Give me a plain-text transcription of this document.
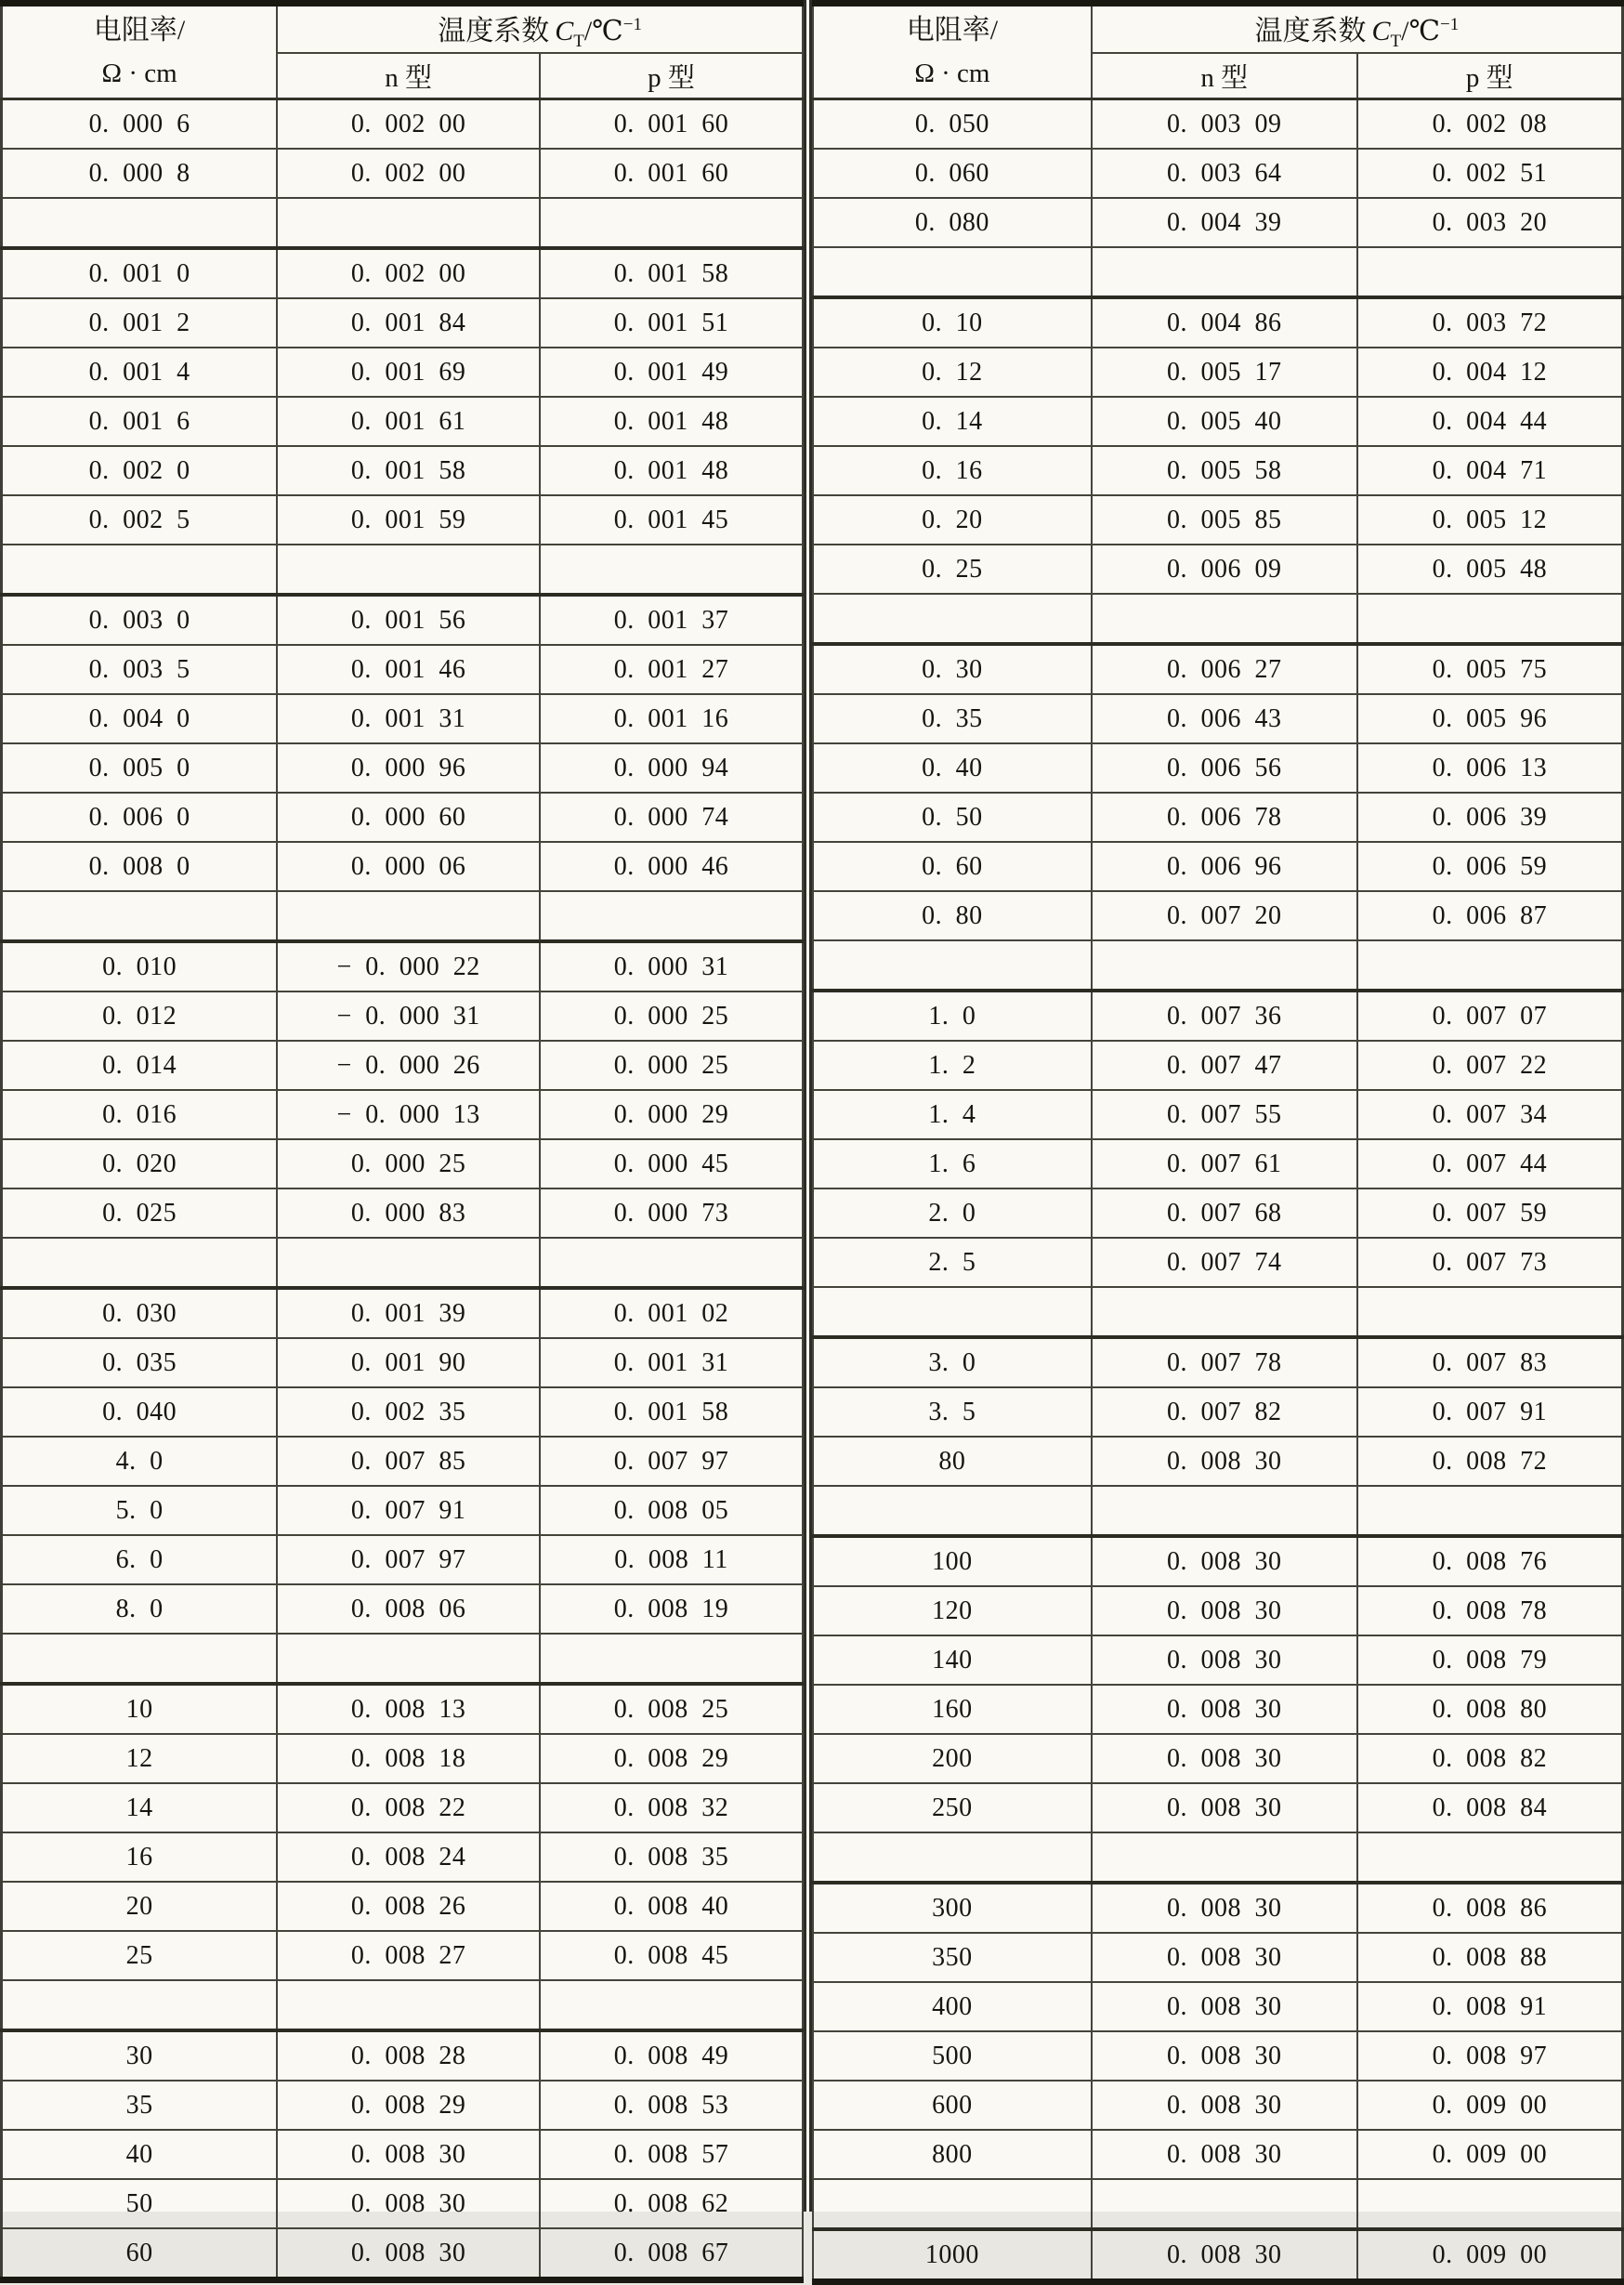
电阻率/
Ω · cm	温度系数 $C_T/℃^{-1}$
	n 型	p 型
0. 000 6	0. 002 00	0. 001 60
0. 000 8	0. 002 00	0. 001 60

0. 001 0	0. 002 00	0. 001 58
0. 001 2	0. 001 84	0. 001 51
0. 001 4	0. 001 69	0. 001 49
0. 001 6	0. 001 61	0. 001 48
0. 002 0	0. 001 58	0. 001 48
0. 002 5	0. 001 59	0. 001 45

0. 003 0	0. 001 56	0. 001 37
0. 003 5	0. 001 46	0. 001 27
0. 004 0	0. 001 31	0. 001 16
0. 005 0	0. 000 96	0. 000 94
0. 006 0	0. 000 60	0. 000 74
0. 008 0	0. 000 06	0. 000 46

0. 010	− 0. 000 22	0. 000 31
0. 012	− 0. 000 31	0. 000 25
0. 014	− 0. 000 26	0. 000 25
0. 016	− 0. 000 13	0. 000 29
0. 020	0. 000 25	0. 000 45
0. 025	0. 000 83	0. 000 73

0. 030	0. 001 39	0. 001 02
0. 035	0. 001 90	0. 001 31
0. 040	0. 002 35	0. 001 58
4. 0	0. 007 85	0. 007 97
5. 0	0. 007 91	0. 008 05
6. 0	0. 007 97	0. 008 11
8. 0	0. 008 06	0. 008 19

10	0. 008 13	0. 008 25
12	0. 008 18	0. 008 29
14	0. 008 22	0. 008 32
16	0. 008 24	0. 008 35
20	0. 008 26	0. 008 40
25	0. 008 27	0. 008 45

30	0. 008 28	0. 008 49
35	0. 008 29	0. 008 53
40	0. 008 30	0. 008 57
50	0. 008 30	0. 008 62
60	0. 008 30	0. 008 67
电阻率/
Ω · cm	温度系数 $C_T/℃^{-1}$
	n 型	p 型
0. 050	0. 003 09	0. 002 08
0. 060	0. 003 64	0. 002 51
0. 080	0. 004 39	0. 003 20

0. 10	0. 004 86	0. 003 72
0. 12	0. 005 17	0. 004 12
0. 14	0. 005 40	0. 004 44
0. 16	0. 005 58	0. 004 71
0. 20	0. 005 85	0. 005 12
0. 25	0. 006 09	0. 005 48

0. 30	0. 006 27	0. 005 75
0. 35	0. 006 43	0. 005 96
0. 40	0. 006 56	0. 006 13
0. 50	0. 006 78	0. 006 39
0. 60	0. 006 96	0. 006 59
0. 80	0. 007 20	0. 006 87

1. 0	0. 007 36	0. 007 07
1. 2	0. 007 47	0. 007 22
1. 4	0. 007 55	0. 007 34
1. 6	0. 007 61	0. 007 44
2. 0	0. 007 68	0. 007 59
2. 5	0. 007 74	0. 007 73

3. 0	0. 007 78	0. 007 83
3. 5	0. 007 82	0. 007 91
80	0. 008 30	0. 008 72

100	0. 008 30	0. 008 76
120	0. 008 30	0. 008 78
140	0. 008 30	0. 008 79
160	0. 008 30	0. 008 80
200	0. 008 30	0. 008 82
250	0. 008 30	0. 008 84

300	0. 008 30	0. 008 86
350	0. 008 30	0. 008 88
400	0. 008 30	0. 008 91
500	0. 008 30	0. 008 97
600	0. 008 30	0. 009 00
800	0. 008 30	0. 009 00

1000	0. 008 30	0. 009 00
